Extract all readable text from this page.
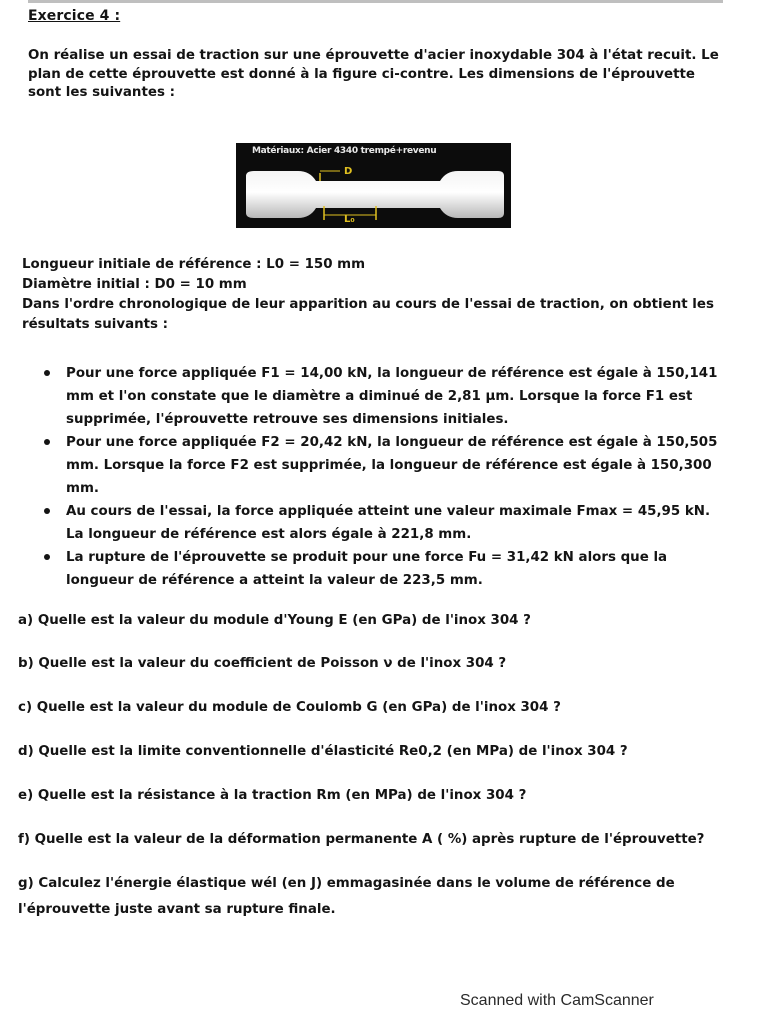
Exercice 4 :
On réalise un essai de traction sur une éprouvette d'acier inoxydable 304 à l'état recuit. Le plan de cette éprouvette est donné à la figure ci-contre. Les dimensions de l'éprouvette sont les suivantes :
D
L₀
Matériaux: Acier 4340 trempé+revenu

Longueur initiale de référence : L0 = 150 mm

Diamètre initial : D0 = 10 mm

Dans l'ordre chronologique de leur apparition au cours de l'essai de traction, on obtient les résultats suivants :

Pour une force appliquée F1 = 14,00 kN, la longueur de référence est égale à 150,141 mm et l'on constate que le diamètre a diminué de 2,81 µm. Lorsque la force F1 est supprimée, l'éprouvette retrouve ses dimensions initiales.
Pour une force appliquée F2 = 20,42 kN, la longueur de référence est égale à 150,505 mm. Lorsque la force F2 est supprimée, la longueur de référence est égale à 150,300 mm.
Au cours de l'essai, la force appliquée atteint une valeur maximale Fmax = 45,95 kN. La longueur de référence est alors égale à 221,8 mm.
La rupture de l'éprouvette se produit pour une force Fu = 31,42 kN alors que la longueur de référence a atteint la valeur de 223,5 mm.
a) Quelle est la valeur du module d'Young E (en GPa) de l'inox 304 ?
b) Quelle est la valeur du coefficient de Poisson ν de l'inox 304 ?
c) Quelle est la valeur du module de Coulomb G (en GPa) de l'inox 304 ?
d) Quelle est la limite conventionnelle d'élasticité Re0,2 (en MPa) de l'inox 304 ?
e) Quelle est la résistance à la traction Rm (en MPa) de l'inox 304 ?
f) Quelle est la valeur de la déformation permanente A ( %) après rupture de l'éprouvette?
g) Calculez l'énergie élastique wél (en J) emmagasinée dans le volume de référence de l'éprouvette juste avant sa rupture finale.
Scanned with CamScanner
